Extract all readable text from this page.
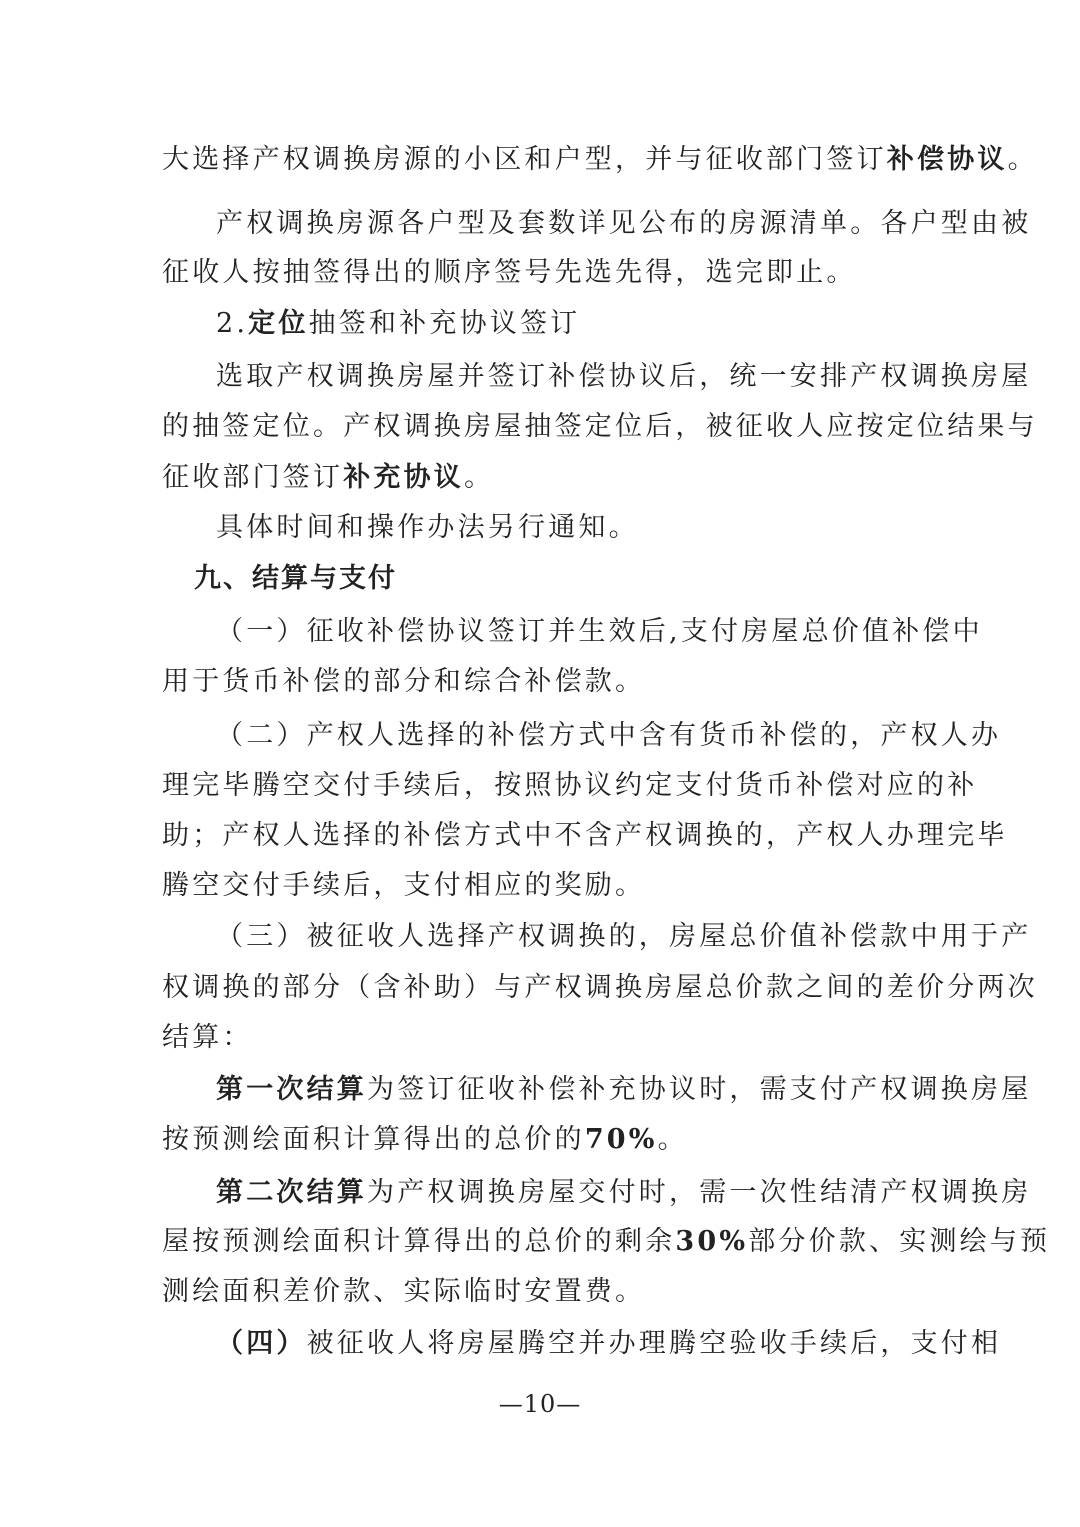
大选择产权调换房源的小区和户型，并与征收部门签订补偿协议。
产权调换房源各户型及套数详见公布的房源清单。各户型由被
征收人按抽签得出的顺序签号先选先得，选完即止。
2.定位抽签和补充协议签订
选取产权调换房屋并签订补偿协议后，统一安排产权调换房屋
的抽签定位。产权调换房屋抽签定位后，被征收人应按定位结果与
征收部门签订补充协议。
具体时间和操作办法另行通知。
九、结算与支付
（一）征收补偿协议签订并生效后,支付房屋总价值补偿中
用于货币补偿的部分和综合补偿款。
（二）产权人选择的补偿方式中含有货币补偿的，产权人办
理完毕腾空交付手续后，按照协议约定支付货币补偿对应的补
助；产权人选择的补偿方式中不含产权调换的，产权人办理完毕
腾空交付手续后，支付相应的奖励。
（三）被征收人选择产权调换的，房屋总价值补偿款中用于产
权调换的部分（含补助）与产权调换房屋总价款之间的差价分两次
结算：
第一次结算为签订征收补偿补充协议时，需支付产权调换房屋
按预测绘面积计算得出的总价的70%。
第二次结算为产权调换房屋交付时，需一次性结清产权调换房
屋按预测绘面积计算得出的总价的剩余30%部分价款、实测绘与预
测绘面积差价款、实际临时安置费。
（四）被征收人将房屋腾空并办理腾空验收手续后，支付相
—10—
